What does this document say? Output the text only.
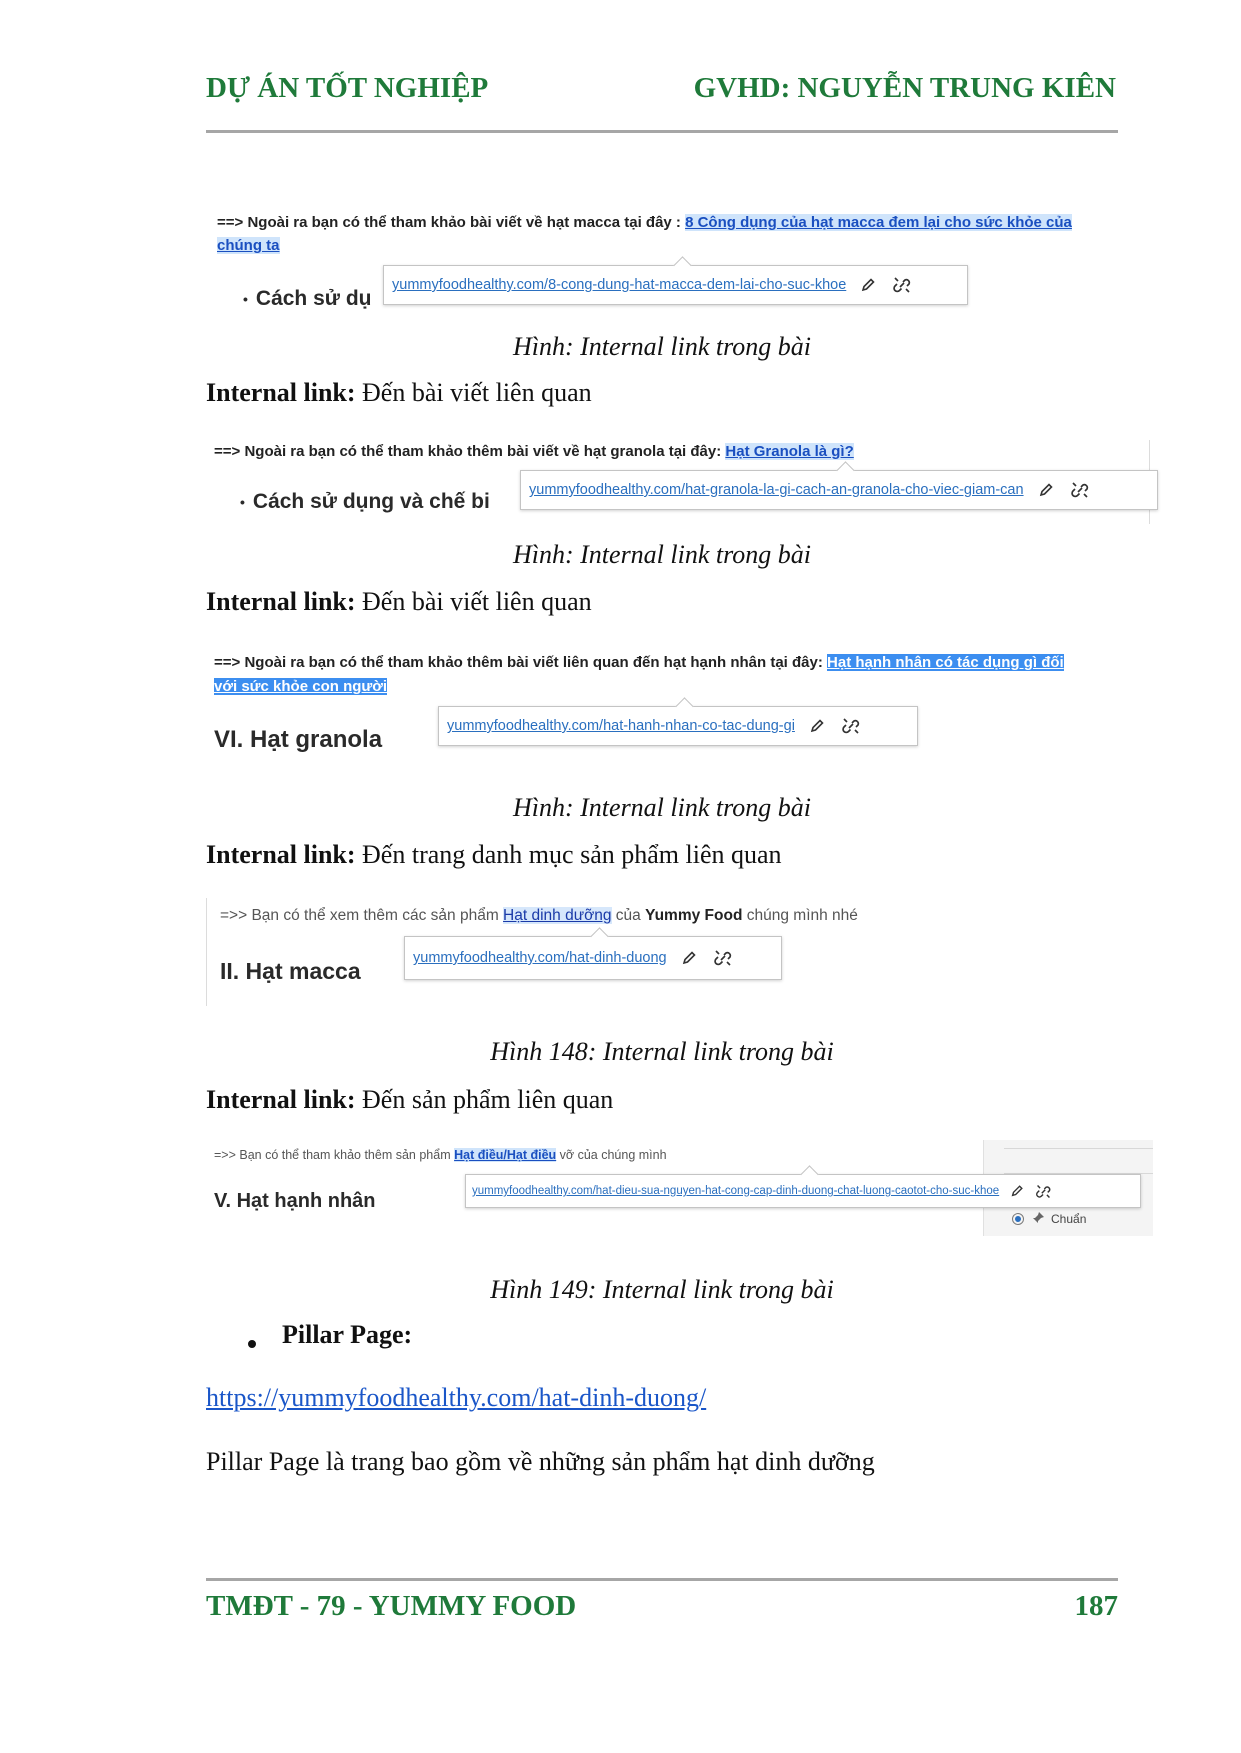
DỰ ÁN TỐT NGHIỆP	GVHD: NGUYỄN TRUNG KIÊN
==> Ngoài ra bạn có thể tham khảo bài viết về hạt macca tại đây : 8 Công dụng của hạt macca đem lại cho sức khỏe của
chúng ta
• Cách sử dụ
yummyfoodhealthy.com/8-cong-dung-hat-macca-dem-lai-cho-suc-khoe
Hình: Internal link trong bài
Internal link: Đến bài viết liên quan
==> Ngoài ra bạn có thể tham khảo thêm bài viết về hạt granola tại đây: Hạt Granola là gì?
• Cách sử dụng và chế bi	yummyfoodhealthy.com/hat-granola-la-gi-cach-an-granola-cho-viec-giam-can
Hình: Internal link trong bài
Internal link: Đến bài viết liên quan
==> Ngoài ra bạn có thể tham khảo thêm bài viết liên quan đến hạt hạnh nhân tại đây: Hạt hạnh nhân có tác dụng gì đối
với sức khỏe con người
VI. Hạt granola	yummyfoodhealthy.com/hat-hanh-nhan-co-tac-dung-gi
Hình: Internal link trong bài
Internal link: Đến trang danh mục sản phẩm liên quan
=>> Bạn có thể xem thêm các sản phẩm Hạt dinh dưỡng của Yummy Food chúng mình nhé
II. Hạt macca	yummyfoodhealthy.com/hat-dinh-duong
Hình 148: Internal link trong bài
Internal link: Đến sản phẩm liên quan
=>> Bạn có thể tham khảo thêm sản phẩm Hạt điều/Hạt điều vỡ của chúng mình
V. Hạt hạnh nhân
Chuẩn
yummyfoodhealthy.com/hat-dieu-sua-nguyen-hat-cong-cap-dinh-duong-chat-luong-caotot-cho-suc-khoe
Hình 149: Internal link trong bài
Pillar Page:
https://yummyfoodhealthy.com/hat-dinh-duong/
Pillar Page là trang bao gồm về những sản phẩm hạt dinh dưỡng
TMĐT - 79 - YUMMY FOOD	187
